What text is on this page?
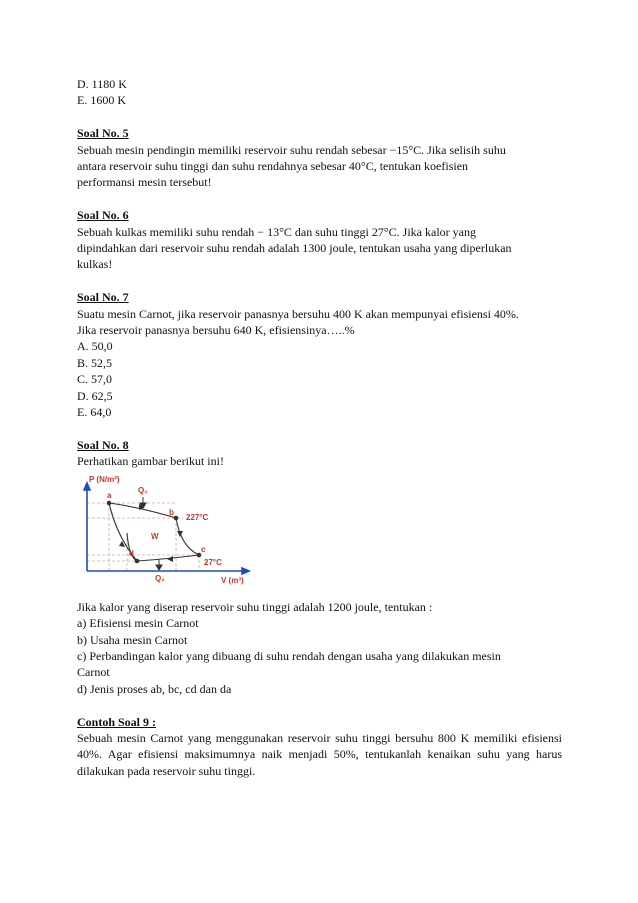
D. 1180 K
E. 1600 K
Soal No. 5
Sebuah mesin pendingin memiliki reservoir suhu rendah sebesar −15°C. Jika selisih suhu
antara reservoir suhu tinggi dan suhu rendahnya sebesar 40°C, tentukan koefisien
performansi mesin tersebut!
Soal No. 6
Sebuah kulkas memiliki suhu rendah − 13°C dan suhu tinggi 27°C. Jika kalor yang
dipindahkan dari reservoir suhu rendah adalah 1300 joule, tentukan usaha yang diperlukan
kulkas!
Soal No. 7
Suatu mesin Carnot, jika reservoir panasnya bersuhu 400 K akan mempunyai efisiensi 40%.
Jika reservoir panasnya bersuhu 640 K, efisiensinya…..%
A. 50,0
B. 52,5
C. 57,0
D. 62,5
E. 64,0
Soal No. 8
Perhatikan gambar berikut ini!
P (N/m²)
V (m³)
a
b
c
d
Q₁
Q₂
W
227°C
27°C
Jika kalor yang diserap reservoir suhu tinggi adalah 1200 joule, tentukan :
a) Efisiensi mesin Carnot
b) Usaha mesin Carnot
c) Perbandingan kalor yang dibuang di suhu rendah dengan usaha yang dilakukan mesin
Carnot
d) Jenis proses ab, bc, cd dan da
Contoh Soal 9 :
Sebuah mesin Carnot yang menggunakan reservoir suhu tinggi bersuhu 800 K memiliki efisiensi 40%. Agar efisiensi maksimumnya naik menjadi 50%, tentukanlah kenaikan suhu yang harus dilakukan pada reservoir suhu tinggi.
